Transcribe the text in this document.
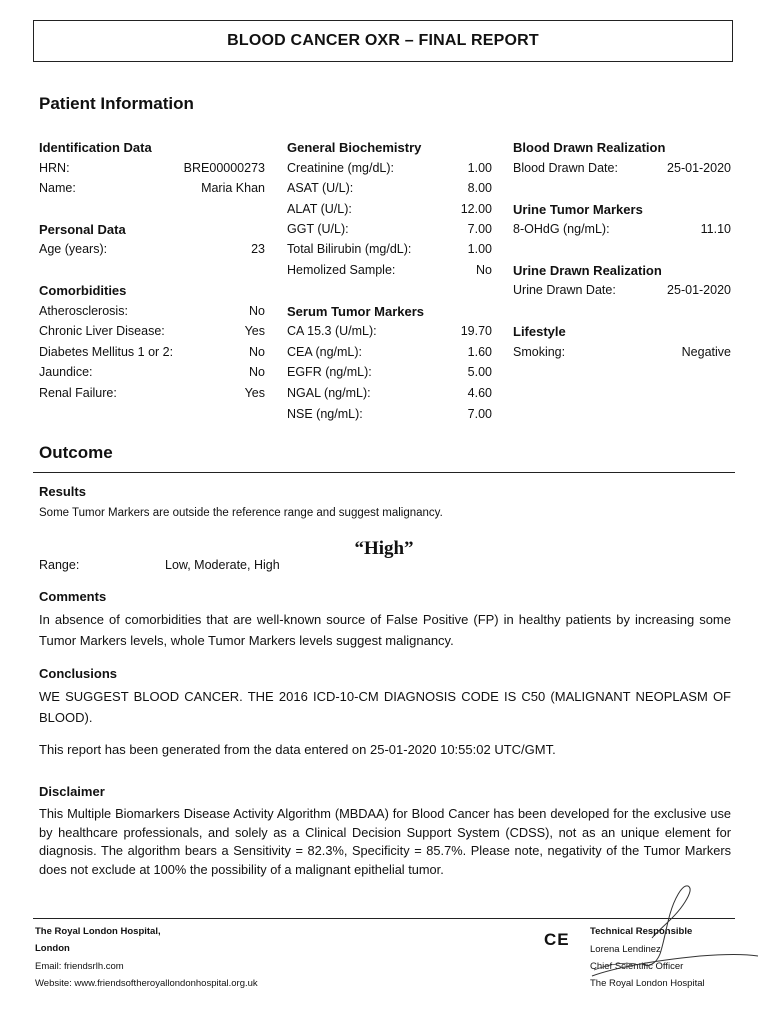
BLOOD CANCER OXR – FINAL REPORT
Patient Information
Identification Data
HRN:	BRE00000273
Name:	Maria Khan
Personal Data
Age (years):	23
Comorbidities
Atherosclerosis:	No
Chronic Liver Disease:	Yes
Diabetes Mellitus 1 or 2:	No
Jaundice:	No
Renal Failure:	Yes
General Biochemistry
Creatinine (mg/dL):	1.00
ASAT (U/L):	8.00
ALAT (U/L):	12.00
GGT (U/L):	7.00
Total Bilirubin (mg/dL):	1.00
Hemolized Sample:	No
Serum Tumor Markers
CA 15.3 (U/mL):	19.70
CEA (ng/mL):	1.60
EGFR (ng/mL):	5.00
NGAL (ng/mL):	4.60
NSE (ng/mL):	7.00
Blood Drawn Realization
Blood Drawn Date:	25-01-2020
Urine Tumor Markers
8-OHdG (ng/mL):	11.10
Urine Drawn Realization
Urine Drawn Date:	25-01-2020
Lifestyle
Smoking:	Negative
Outcome
Results
Some Tumor Markers are outside the reference range and suggest malignancy.
“High”
Range:	Low, Moderate, High
Comments
In absence of comorbidities that are well-known source of False Positive (FP) in healthy patients by increasing some Tumor Markers levels, whole Tumor Markers levels suggest malignancy.
Conclusions
WE SUGGEST BLOOD CANCER. THE 2016 ICD-10-CM DIAGNOSIS CODE IS C50 (MALIGNANT NEOPLASM OF BLOOD).
This report has been generated from the data entered on 25-01-2020 10:55:02 UTC/GMT.
Disclaimer
This Multiple Biomarkers Disease Activity Algorithm (MBDAA) for Blood Cancer has been developed for the exclusive use by healthcare professionals, and solely as a Clinical Decision Support System (CDSS), not as an unique element for diagnosis. The algorithm bears a Sensitivity = 82.3%, Specificity = 85.7%. Please note, negativity of the Tumor Markers does not exclude at 100% the possibility of a malignant epithelial tumor.
The Royal London Hospital,
London
Email: friendsrlh.com
Website: www.friendsoftheroyallondonhospital.org.uk
CE Technical Responsible
Lorena Lendinez
Chief Scientific Officer
The Royal London Hospital
